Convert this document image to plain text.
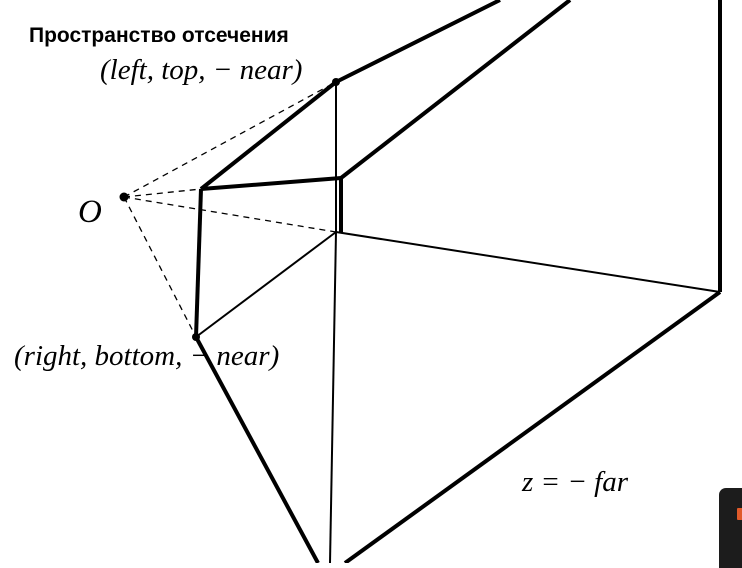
Пространство отсечения
(left, top, − near)
O
(right, bottom, − near)
z = − far
